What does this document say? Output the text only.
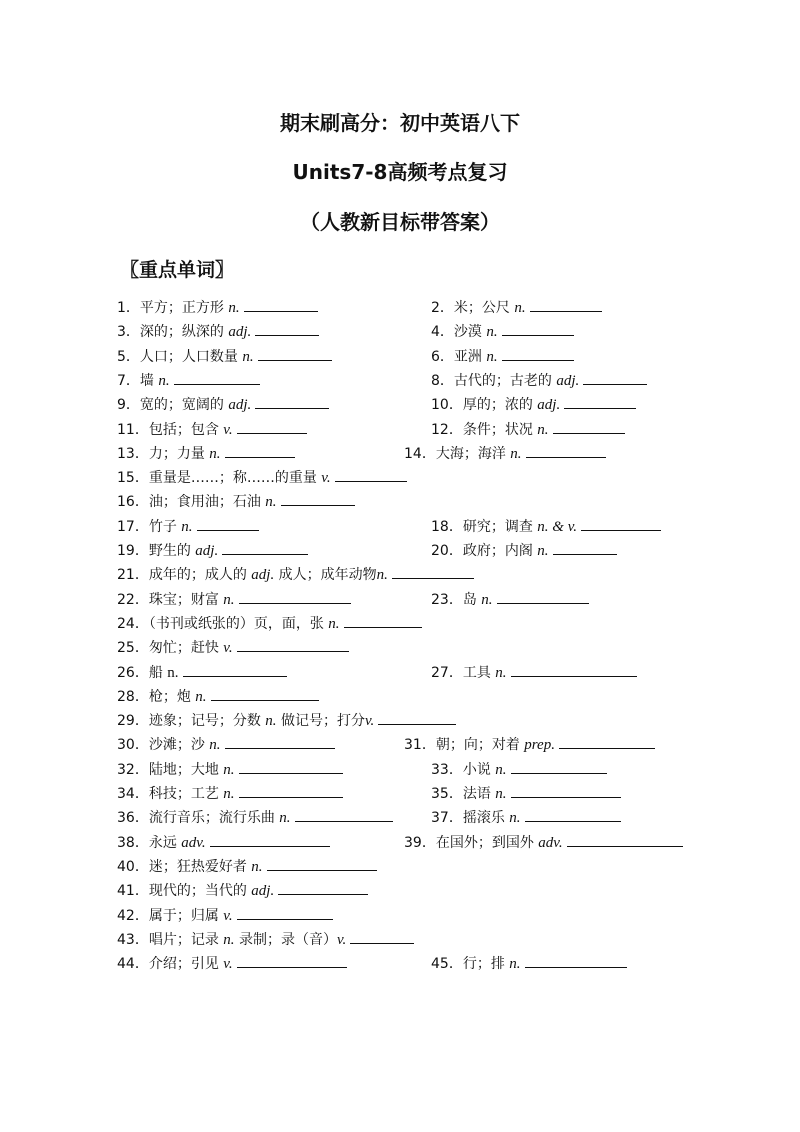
期末刷高分：初中英语八下
Units7-8高频考点复习
（人教新目标带答案）
〖重点单词〗
1．平方；正方形 n.	2．米；公尺 n.
3．深的；纵深的 adj.	4．沙漠 n.
5．人口；人口数量 n.	6．亚洲 n.
7．墙 n.	8．古代的；古老的 adj.
9．宽的；宽阔的 adj.	10．厚的；浓的 adj.
11．包括；包含 v.	12．条件；状况 n.
13．力；力量 n.	14．大海；海洋 n.
15．重量是……；称……的重量 v.
16．油；食用油；石油 n.
17．竹子 n.	18．研究；调查 n. & v.
19．野生的 adj.	20．政府；内阁 n.
21．成年的；成人的 adj. 成人；成年动物n.
22．珠宝；财富 n.	23．岛 n.
24．（书刊或纸张的）页，面，张 n.
25．匆忙；赶快 v.
26．船 n.	27．工具 n.
28．枪；炮 n.
29．迹象；记号；分数 n. 做记号；打分v.
30．沙滩；沙 n.	31．朝；向；对着 prep.
32．陆地；大地 n.	33．小说 n.
34．科技；工艺 n.	35．法语 n.
36．流行音乐；流行乐曲 n.	37．摇滚乐 n.
38．永远 adv.	39．在国外；到国外 adv.
40．迷；狂热爱好者 n.
41．现代的；当代的 adj.
42．属于；归属 v.
43．唱片；记录 n. 录制；录（音）v.
44．介绍；引见 v.	45．行；排 n.
